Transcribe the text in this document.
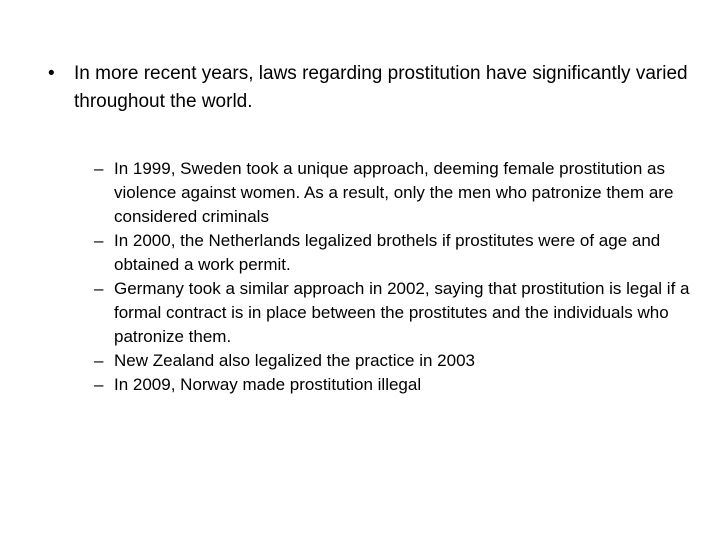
•	In more recent years, laws regarding prostitution have significantly varied throughout the world.
– In 1999, Sweden took a unique approach, deeming female prostitution as violence against women. As a result, only the men who patronize them are considered criminals
– In 2000, the Netherlands legalized brothels if prostitutes were of age and obtained a work permit.
– Germany took a similar approach in 2002, saying that prostitution is legal if a formal contract is in place between the prostitutes and the individuals who patronize them.
– New Zealand also legalized the practice in 2003
– In 2009, Norway made prostitution illegal
